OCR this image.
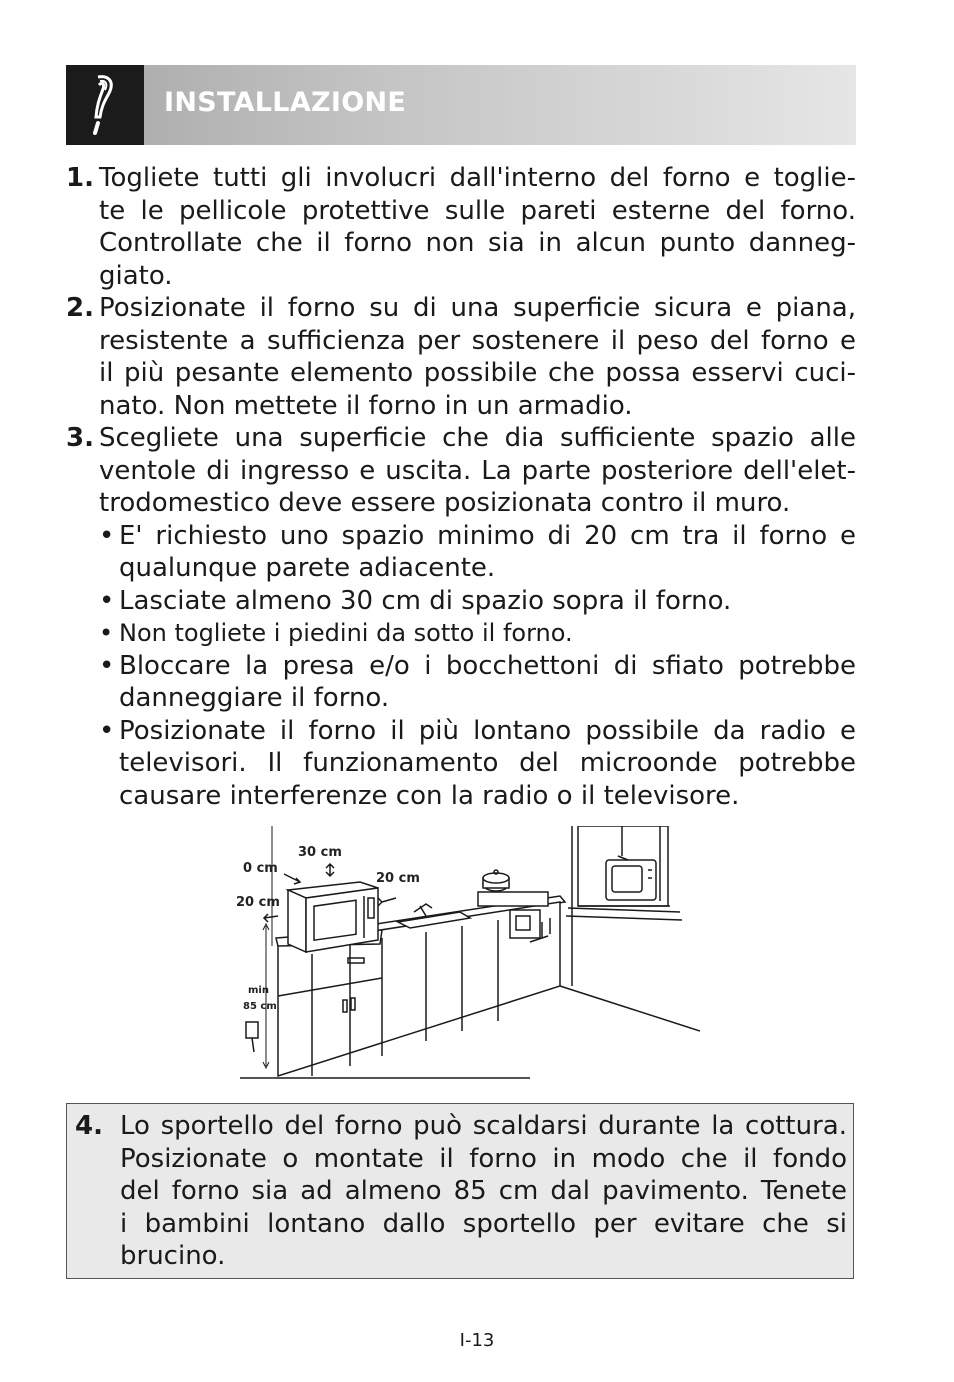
INSTALLAZIONE
1. Togliete tutti gli involucri dall'interno del forno e toglie-
te le pellicole protettive sulle pareti esterne del forno.
Controllate che il forno non sia in alcun punto danneg-
giato.
2. Posizionate il forno su di una superficie sicura e piana,
resistente a sufficienza per sostenere il peso del forno e
il più pesante elemento possibile che possa esservi cuci-
nato. Non mettete il forno in un armadio.
3. Scegliete una superficie che dia sufficiente spazio alle
ventole di ingresso e uscita. La parte posteriore dell'elet-
trodomestico deve essere posizionata contro il muro.
• E' richiesto uno spazio minimo di 20 cm tra il forno e
qualunque parete adiacente.
• Lasciate almeno 30 cm di spazio sopra il forno.
• Non togliete i piedini da sotto il forno.
• Bloccare la presa e/o i bocchettoni di sfiato potrebbe
danneggiare il forno.
• Posizionate il forno il più lontano possibile da radio e
televisori. Il funzionamento del microonde potrebbe
causare interferenze con la radio o il televisore.
0 cm
30 cm
20 cm
20 cm
min
85 cm
4. Lo sportello del forno può scaldarsi durante la cottura.
Posizionate o montate il forno in modo che il fondo
del forno sia ad almeno 85 cm dal pavimento. Tenete
i bambini lontano dallo sportello per evitare che si
brucino.
I-13
